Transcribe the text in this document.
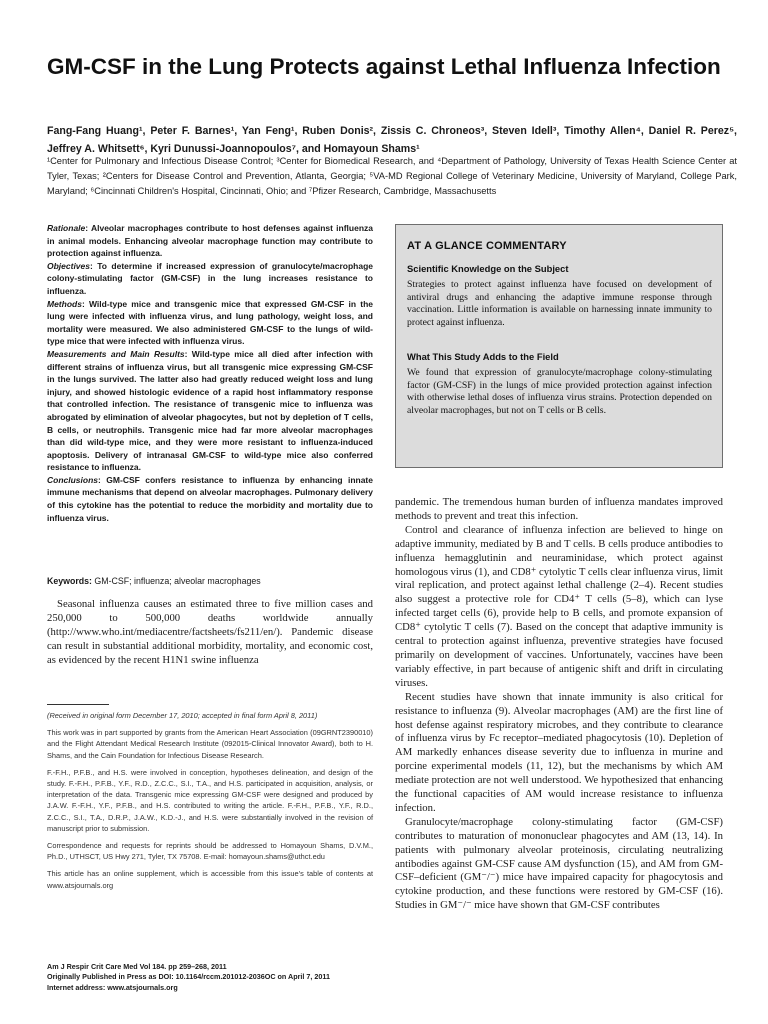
GM-CSF in the Lung Protects against Lethal Influenza Infection
Fang-Fang Huang¹, Peter F. Barnes¹, Yan Feng¹, Ruben Donis², Zissis C. Chroneos³, Steven Idell³, Timothy Allen⁴, Daniel R. Perez⁵, Jeffrey A. Whitsett⁶, Kyri Dunussi-Joannopoulos⁷, and Homayoun Shams¹
¹Center for Pulmonary and Infectious Disease Control; ³Center for Biomedical Research, and ⁴Department of Pathology, University of Texas Health Science Center at Tyler, Texas; ²Centers for Disease Control and Prevention, Atlanta, Georgia; ⁵VA-MD Regional College of Veterinary Medicine, University of Maryland, College Park, Maryland; ⁶Cincinnati Children's Hospital, Cincinnati, Ohio; and ⁷Pfizer Research, Cambridge, Massachusetts

Rationale: Alveolar macrophages contribute to host defenses against influenza in animal models. Enhancing alveolar macrophage function may contribute to protection against influenza.

Objectives: To determine if increased expression of granulocyte/macrophage colony-stimulating factor (GM-CSF) in the lung increases resistance to influenza.

Methods: Wild-type mice and transgenic mice that expressed GM-CSF in the lung were infected with influenza virus, and lung pathology, weight loss, and mortality were measured. We also administered GM-CSF to the lungs of wild-type mice that were infected with influenza virus.

Measurements and Main Results: Wild-type mice all died after infection with different strains of influenza virus, but all transgenic mice expressing GM-CSF in the lungs survived. The latter also had greatly reduced weight loss and lung injury, and showed histologic evidence of a rapid host inflammatory response that controlled infection. The resistance of transgenic mice to influenza was abrogated by elimination of alveolar phagocytes, but not by depletion of T cells, B cells, or neutrophils. Transgenic mice had far more alveolar macrophages than did wild-type mice, and they were more resistant to influenza-induced apoptosis. Delivery of intranasal GM-CSF to wild-type mice also conferred resistance to influenza.

Conclusions: GM-CSF confers resistance to influenza by enhancing innate immune mechanisms that depend on alveolar macrophages. Pulmonary delivery of this cytokine has the potential to reduce the morbidity and mortality due to influenza virus.

Keywords: GM-CSF; influenza; alveolar macrophages

Seasonal influenza causes an estimated three to five million cases and 250,000 to 500,000 deaths worldwide annually (http://www.who.int/mediacentre/factsheets/fs211/en/). Pandemic disease can result in substantial additional morbidity, mortality, and economic cost, as evidenced by the recent H1N1 swine influenza

(Received in original form December 17, 2010; accepted in final form April 8, 2011)

This work was in part supported by grants from the American Heart Association (09GRNT2390010) and the Flight Attendant Medical Research Institute (092015-Clinical Innovator Award), both to H. Shams, and the Cain Foundation for Infectious Disease Research.

F.-F.H., P.F.B., and H.S. were involved in conception, hypotheses delineation, and design of the study. F.-F.H., P.F.B., Y.F., R.D., Z.C.C., S.I., T.A., and H.S. participated in acquisition, analysis, or interpretation of the data. Transgenic mice expressing GM-CSF were designed and produced by J.A.W. F.-F.H., Y.F., P.F.B., and H.S. contributed to writing the article. F.-F.H., P.F.B., Y.F., R.D., Z.C.C., S.I., T.A., D.R.P., J.A.W., K.D.-J., and H.S. were substantially involved in the revision of manuscript prior to submission.

Correspondence and requests for reprints should be addressed to Homayoun Shams, D.V.M., Ph.D., UTHSCT, US Hwy 271, Tyler, TX 75708. E-mail: homayoun.shams@uthct.edu

This article has an online supplement, which is accessible from this issue's table of contents at www.atsjournals.org

Am J Respir Crit Care Med Vol 184. pp 259–268, 2011
Originally Published in Press as DOI: 10.1164/rccm.201012-2036OC on April 7, 2011
Internet address: www.atsjournals.org
AT A GLANCE COMMENTARY
Scientific Knowledge on the Subject
Strategies to protect against influenza have focused on development of antiviral drugs and enhancing the adaptive immune response through vaccination. Little information is available on harnessing innate immunity to protect against influenza.
What This Study Adds to the Field
We found that expression of granulocyte/macrophage colony-stimulating factor (GM-CSF) in the lungs of mice provided protection against infection with otherwise lethal doses of influenza virus strains. Protection depended on alveolar macrophages, but not on T cells or B cells.

pandemic. The tremendous human burden of influenza mandates improved methods to prevent and treat this infection.

Control and clearance of influenza infection are believed to hinge on adaptive immunity, mediated by B and T cells. B cells produce antibodies to influenza hemagglutinin and neuraminidase, which protect against homologous virus (1), and CD8⁺ cytolytic T cells clear influenza virus, limit viral replication, and protect against lethal challenge (2–4). Recent studies also suggest a protective role for CD4⁺ T cells (5–8), which can lyse infected target cells (6), provide help to B cells, and promote expansion of CD8⁺ cytolytic T cells (7). Based on the concept that adaptive immunity is central to protection against influenza, preventive strategies have focused primarily on development of vaccines. Unfortunately, vaccines have been variably effective, in part because of antigenic shift and drift in circulating viruses.

Recent studies have shown that innate immunity is also critical for resistance to influenza (9). Alveolar macrophages (AM) are the first line of host defense against respiratory microbes, and they contribute to clearance of influenza virus by Fc receptor–mediated phagocytosis (10). Depletion of AM markedly enhances disease severity due to influenza in murine and porcine experimental models (11, 12), but the mechanisms by which AM mediate protection are not well understood. We hypothesized that enhancing the functional capacities of AM would increase resistance to influenza infection.

Granulocyte/macrophage colony-stimulating factor (GM-CSF) contributes to maturation of mononuclear phagocytes and AM (13, 14). In patients with pulmonary alveolar proteinosis, circulating neutralizing antibodies against GM-CSF cause AM dysfunction (15), and AM from GM-CSF–deficient (GM⁻/⁻) mice have impaired capacity for phagocytosis and cytokine production, and these functions were restored by GM-CSF (16). Studies in GM⁻/⁻ mice have shown that GM-CSF contributes
